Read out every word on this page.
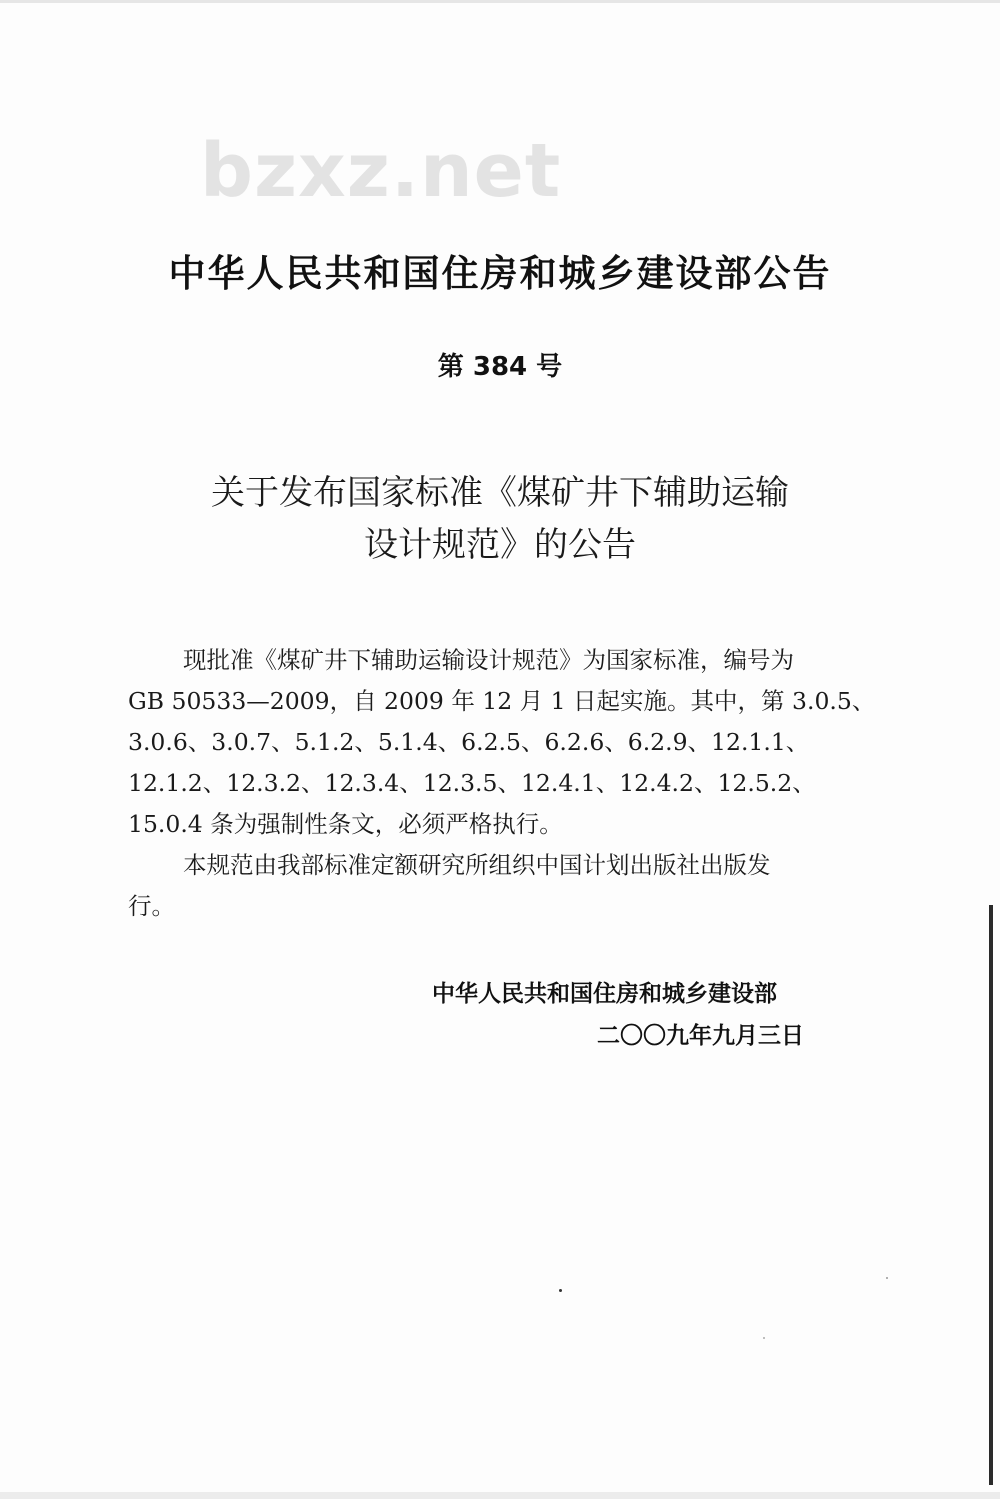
bzxz.net
中华人民共和国住房和城乡建设部公告
第 384 号
关于发布国家标准《煤矿井下辅助运输
设计规范》的公告
现批准《煤矿井下辅助运输设计规范》为国家标准，编号为
GB 50533—2009，自 2009 年 12 月 1 日起实施。其中，第 3.0.5、
3.0.6、3.0.7、5.1.2、5.1.4、6.2.5、6.2.6、6.2.9、12.1.1、
12.1.2、12.3.2、12.3.4、12.3.5、12.4.1、12.4.2、12.5.2、
15.0.4 条为强制性条文，必须严格执行。
本规范由我部标准定额研究所组织中国计划出版社出版发
行。
中华人民共和国住房和城乡建设部
二〇〇九年九月三日
